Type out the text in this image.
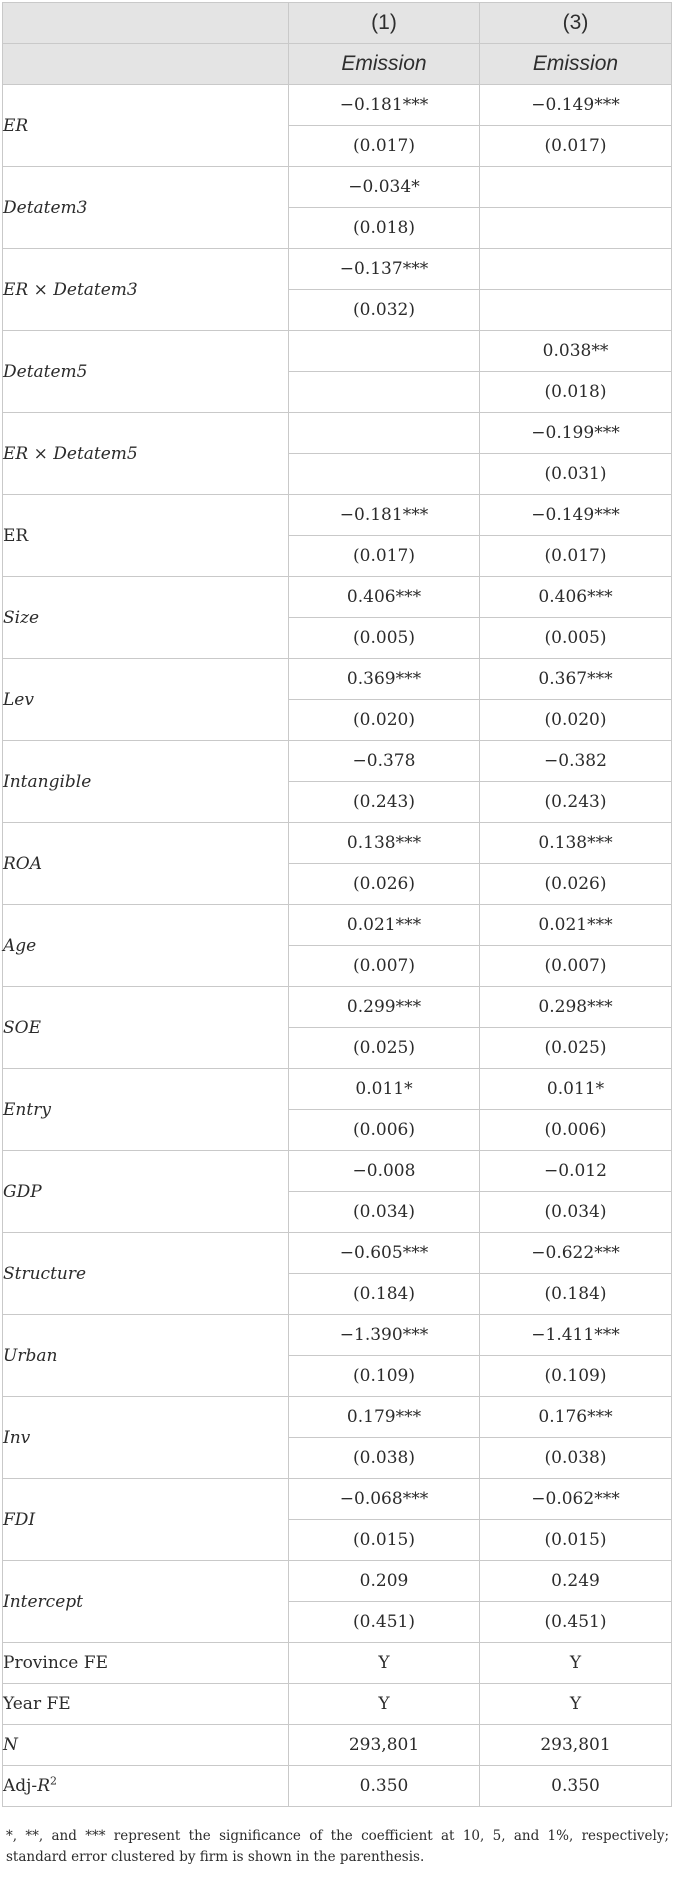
	(1)	(3)
	Emission	Emission
ER	−0.181***	−0.149***
	(0.017)	(0.017)
Detatem3	−0.034*	
	(0.018)	
ER × Detatem3	−0.137***	
	(0.032)	
Detatem5		0.038**
		(0.018)
ER × Detatem5		−0.199***
		(0.031)
ER	−0.181***	−0.149***
	(0.017)	(0.017)
Size	0.406***	0.406***
	(0.005)	(0.005)
Lev	0.369***	0.367***
	(0.020)	(0.020)
Intangible	−0.378	−0.382
	(0.243)	(0.243)
ROA	0.138***	0.138***
	(0.026)	(0.026)
Age	0.021***	0.021***
	(0.007)	(0.007)
SOE	0.299***	0.298***
	(0.025)	(0.025)
Entry	0.011*	0.011*
	(0.006)	(0.006)
GDP	−0.008	−0.012
	(0.034)	(0.034)
Structure	−0.605***	−0.622***
	(0.184)	(0.184)
Urban	−1.390***	−1.411***
	(0.109)	(0.109)
Inv	0.179***	0.176***
	(0.038)	(0.038)
FDI	−0.068***	−0.062***
	(0.015)	(0.015)
Intercept	0.209	0.249
	(0.451)	(0.451)
Province FE	Y	Y
Year FE	Y	Y
N	293,801	293,801
Adj-$R^2$	0.350	0.350
*, **, and *** represent the significance of the coefficient at 10, 5, and 1%, respectively; standard error clustered by firm is shown in the parenthesis.
